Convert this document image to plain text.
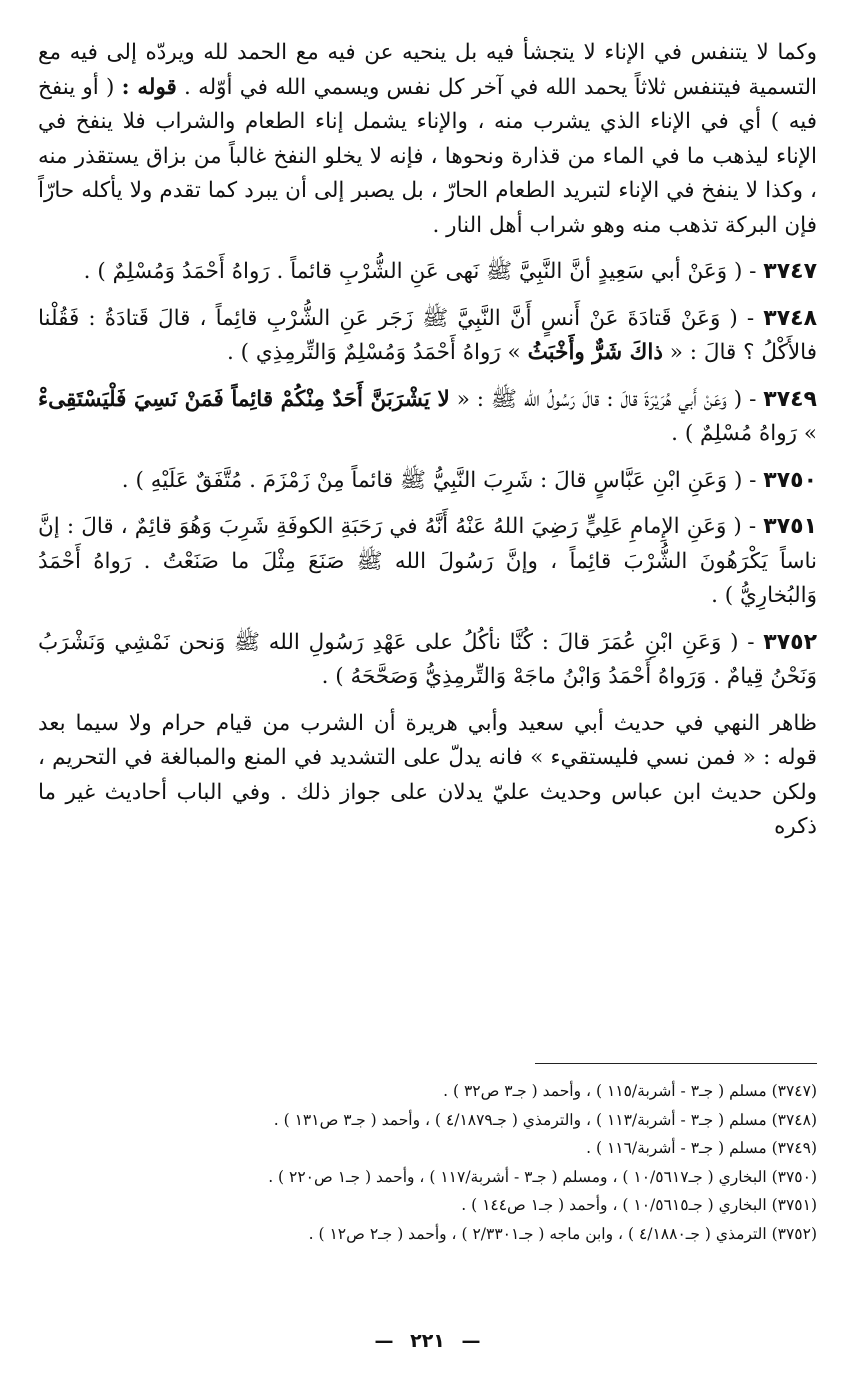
وكما لا يتنفس في الإناء لا يتجشأ فيه بل ينحيه عن فيه مع الحمد لله ويردّه إلى فيه مع التسمية فيتنفس ثلاثاً يحمد الله في آخر كل نفس ويسمي الله في أوّله . قوله : ( أو ينفخ فيه ) أي في الإناء الذي يشرب منه ، والإناء يشمل إناء الطعام والشراب فلا ينفخ في الإناء ليذهب ما في الماء من قذارة ونحوها ، فإنه لا يخلو النفخ غالباً من بزاق يستقذر منه ، وكذا لا ينفخ في الإناء لتبريد الطعام الحارّ ، بل يصبر إلى أن يبرد كما تقدم ولا يأكله حارّاً فإن البركة تذهب منه وهو شراب أهل النار .

٣٧٤٧ - ( وَعَنْ أبي سَعِيدٍ أنَّ النَّبِيَّ ﷺ نَهى عَنِ الشُّرْبِ قائماً . رَواهُ أَحْمَدُ وَمُسْلِمٌ ) .

٣٧٤٨ - ( وَعَنْ قَتادَةَ عَنْ أَنسٍ أَنَّ النَّبِيَّ ﷺ زَجَر عَنِ الشُّرْبِ قائِماً ، قالَ قَتادَةُ : فَقُلْنا فالأَكْلُ ؟ قالَ : « ذاكَ شَرٌّ وأَخْبَثُ » رَواهُ أَحْمَدُ وَمُسْلِمٌ وَالتِّرمِذِي ) .

٣٧٤٩ - ( وَعَنْ أَبي هُرَيْرَةَ قالَ : قالَ رَسُولُ الله ﷺ : « لا يَشْرَبَنَّ أَحَدٌ مِنْكُمْ قائِماً فَمَنْ نَسِيَ فَلْيَسْتَقِىءْ » رَواهُ مُسْلِمٌ ) .

٣٧٥٠ - ( وَعَنِ ابْنِ عَبَّاسٍ قالَ : شَرِبَ النَّبِيُّ ﷺ قائماً مِنْ زَمْزَمَ . مُتَّفَقٌ عَلَيْهِ ) .

٣٧٥١ - ( وَعَنِ الإِمامِ عَلِيٍّ رَضِيَ اللهُ عَنْهُ أَنَّهُ في رَحَبَةِ الكوفَةِ شَرِبَ وَهُوَ قائِمٌ ، قالَ : إنَّ ناساً يَكْرَهُونَ الشُّرْبَ قائِماً ، وإنَّ رَسُولَ الله ﷺ صَنَعَ مِثْلَ ما صَنَعْتُ . رَواهُ أَحْمَدُ وَالبُخارِيُّ ) .

٣٧٥٢ - ( وَعَنِ ابْنِ عُمَرَ قالَ : كُنَّا نأكُلُ على عَهْدِ رَسُولِ الله ﷺ وَنحن نَمْشِي وَنَشْرَبُ وَنَحْنُ قِيامٌ . وَرَواهُ أَحْمَدُ وَابْنُ ماجَهْ وَالتِّرمِذِيُّ وَصَحَّحَهُ ) .

ظاهر النهي في حديث أبي سعيد وأبي هريرة أن الشرب من قيام حرام ولا سيما بعد قوله : « فمن نسي فليستقيء » فانه يدلّ على التشديد في المنع والمبالغة في التحريم ، ولكن حديث ابن عباس وحديث عليّ يدلان على جواز ذلك . وفي الباب أحاديث غير ما ذكره

(٣٧٤٧) مسلم ( جـ٣ - أشربة/١١٥ ) ، وأحمد ( جـ٣ ص٣٢ ) .

(٣٧٤٨) مسلم ( جـ٣ - أشربة/١١٣ ) ، والترمذي ( جـ٤/١٨٧٩ ) ، وأحمد ( جـ٣ ص١٣١ ) .

(٣٧٤٩) مسلم ( جـ٣ - أشربة/١١٦ ) .

(٣٧٥٠) البخاري ( جـ١٠/٥٦١٧ ) ، ومسلم ( جـ٣ - أشربة/١١٧ ) ، وأحمد ( جـ١ ص٢٢٠ ) .

(٣٧٥١) البخاري ( جـ١٠/٥٦١٥ ) ، وأحمد ( جـ١ ص١٤٤ ) .

(٣٧٥٢) الترمذي ( جـ٤/١٨٨٠ ) ، وابن ماجه ( جـ٢/٣٣٠١ ) ، وأحمد ( جـ٢ ص١٢ ) .

— ٢٢١ —
